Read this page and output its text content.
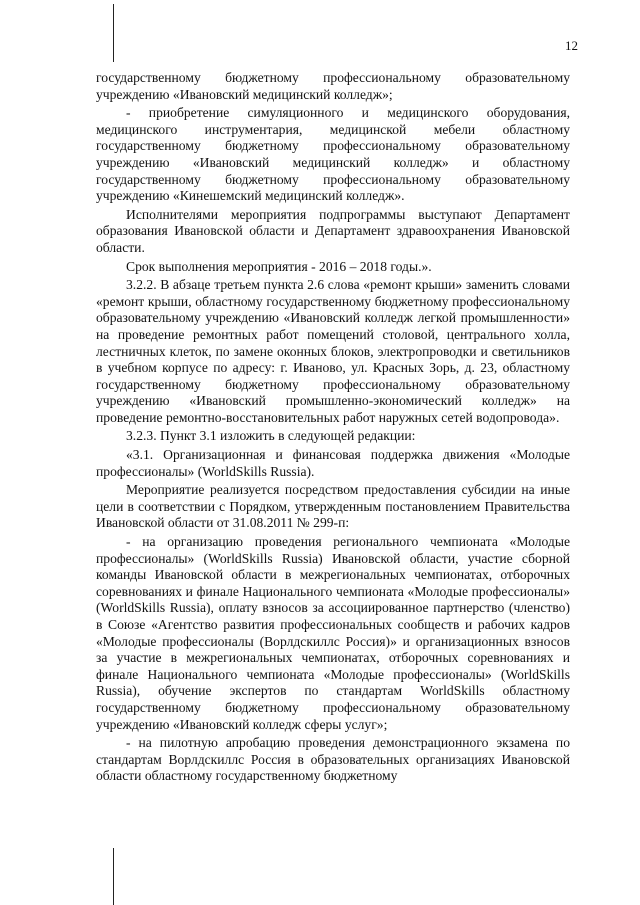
12

государственному бюджетному профессиональному образовательному учреждению «Ивановский медицинский колледж»;

- приобретение симуляционного и медицинского оборудования, медицинского инструментария, медицинской мебели областному государственному бюджетному профессиональному образовательному учреждению «Ивановский медицинский колледж» и областному государственному бюджетному профессиональному образовательному учреждению «Кинешемский медицинский колледж».

Исполнителями мероприятия подпрограммы выступают Департамент образования Ивановской области и Департамент здравоохранения Ивановской области.

Срок выполнения мероприятия - 2016 – 2018 годы.».

3.2.2. В абзаце третьем пункта 2.6 слова «ремонт крыши» заменить словами «ремонт крыши, областному государственному бюджетному профессиональному образовательному учреждению «Ивановский колледж легкой промышленности» на проведение ремонтных работ помещений столовой, центрального холла, лестничных клеток, по замене оконных блоков, электропроводки и светильников в учебном корпусе по адресу: г. Иваново, ул. Красных Зорь, д. 23, областному государственному бюджетному профессиональному образовательному учреждению «Ивановский промышленно-экономический колледж» на проведение ремонтно-восстановительных работ наружных сетей водопровода».

3.2.3. Пункт 3.1 изложить в следующей редакции:

«3.1. Организационная и финансовая поддержка движения «Молодые профессионалы» (WorldSkills Russia).

Мероприятие реализуется посредством предоставления субсидии на иные цели в соответствии с Порядком, утвержденным постановлением Правительства Ивановской области от 31.08.2011 № 299-п:

- на организацию проведения регионального чемпионата «Молодые профессионалы» (WorldSkills Russia) Ивановской области, участие сборной команды Ивановской области в межрегиональных чемпионатах, отборочных соревнованиях и финале Национального чемпионата «Молодые профессионалы» (WorldSkills Russia), оплату взносов за ассоциированное партнерство (членство) в Союзе «Агентство развития профессиональных сообществ и рабочих кадров «Молодые профессионалы (Ворлдскиллс Россия)» и организационных взносов за участие в межрегиональных чемпионатах, отборочных соревнованиях и финале Национального чемпионата «Молодые профессионалы» (WorldSkills Russia), обучение экспертов по стандартам WorldSkills областному государственному бюджетному профессиональному образовательному учреждению «Ивановский колледж сферы услуг»;

- на пилотную апробацию проведения демонстрационного экзамена по стандартам Ворлдскиллс Россия в образовательных организациях Ивановской области областному государственному бюджетному
